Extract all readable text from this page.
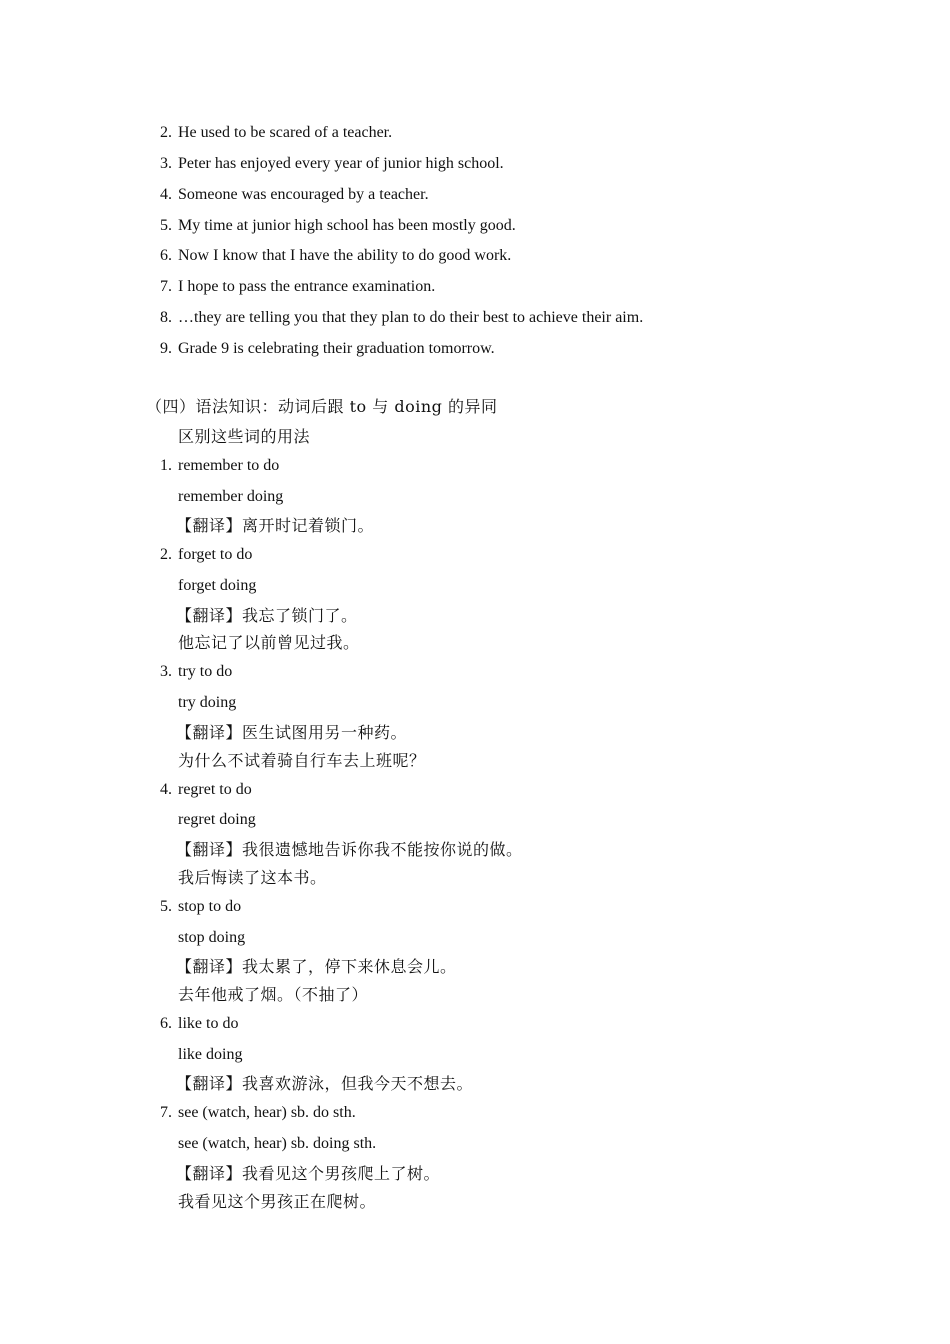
2. He used to be scared of a teacher.
3. Peter has enjoyed every year of junior high school.
4. Someone was encouraged by a teacher.
5. My time at junior high school has been mostly good.
6. Now I know that I have the ability to do good work.
7. I hope to pass the entrance examination.
8. …they are telling you that they plan to do their best to achieve their aim.
9. Grade 9 is celebrating their graduation tomorrow.
（四）语法知识：动词后跟 to 与 doing 的异同
区别这些词的用法
1. remember to do
remember doing
【翻译】离开时记着锁门。
2. forget to do
forget doing
【翻译】我忘了锁门了。
他忘记了以前曾见过我。
3. try to do
try doing
【翻译】医生试图用另一种药。
为什么不试着骑自行车去上班呢？
4. regret to do
regret doing
【翻译】我很遗憾地告诉你我不能按你说的做。
我后悔读了这本书。
5. stop to do
stop doing
【翻译】我太累了，停下来休息会儿。
去年他戒了烟。（不抽了）
6. like to do
like doing
【翻译】我喜欢游泳，但我今天不想去。
7. see (watch, hear) sb. do sth.
see (watch, hear) sb. doing sth.
【翻译】我看见这个男孩爬上了树。
我看见这个男孩正在爬树。
